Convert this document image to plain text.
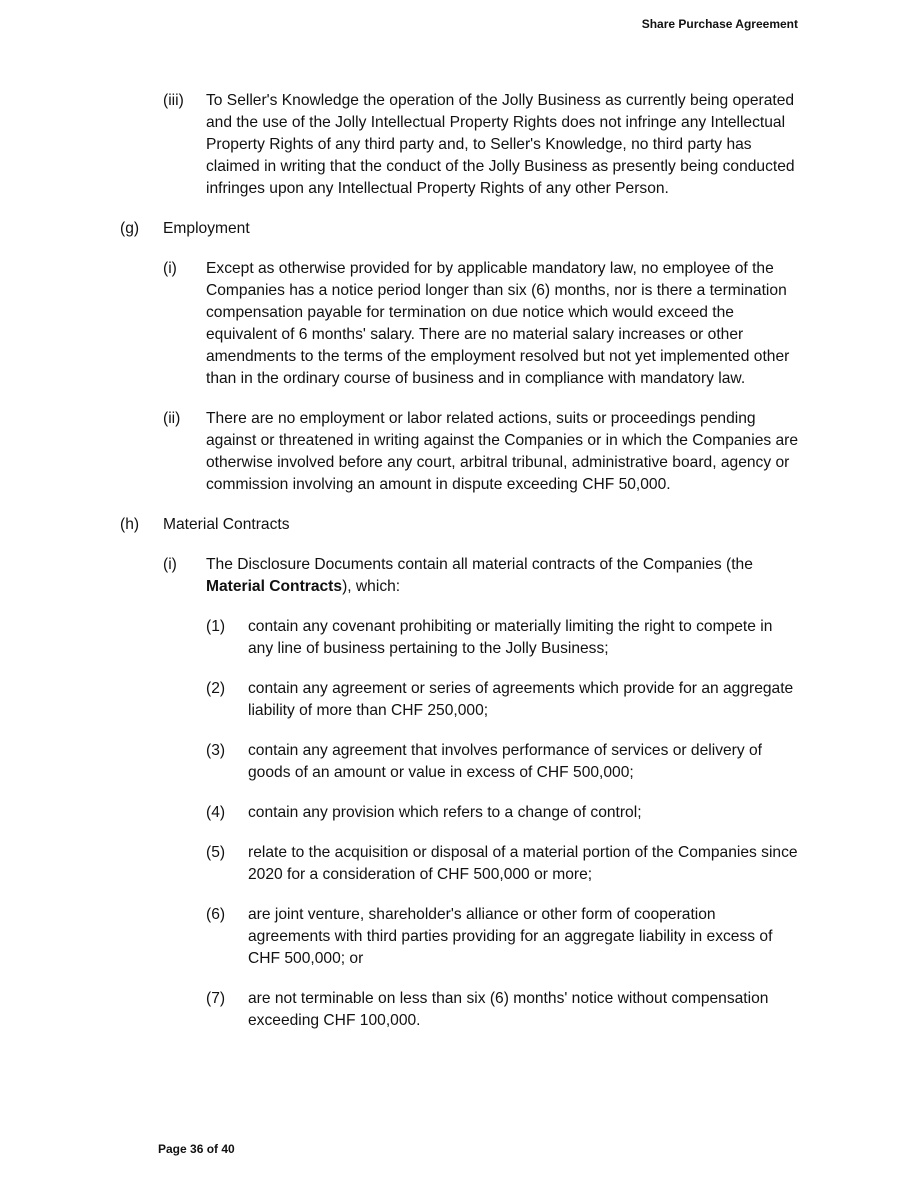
Share Purchase Agreement
(iii) To Seller's Knowledge the operation of the Jolly Business as currently being operated and the use of the Jolly Intellectual Property Rights does not infringe any Intellectual Property Rights of any third party and, to Seller's Knowledge, no third party has claimed in writing that the conduct of the Jolly Business as presently being conducted infringes upon any Intellectual Property Rights of any other Person.
(g) Employment
(i) Except as otherwise provided for by applicable mandatory law, no employee of the Companies has a notice period longer than six (6) months, nor is there a termination compensation payable for termination on due notice which would exceed the equivalent of 6 months' salary. There are no material salary increases or other amendments to the terms of the employment resolved but not yet implemented other than in the ordinary course of business and in compliance with mandatory law.
(ii) There are no employment or labor related actions, suits or proceedings pending against or threatened in writing against the Companies or in which the Companies are otherwise involved before any court, arbitral tribunal, administrative board, agency or commission involving an amount in dispute exceeding CHF 50,000.
(h) Material Contracts
(i) The Disclosure Documents contain all material contracts of the Companies (the Material Contracts), which:
(1) contain any covenant prohibiting or materially limiting the right to compete in any line of business pertaining to the Jolly Business;
(2) contain any agreement or series of agreements which provide for an aggregate liability of more than CHF 250,000;
(3) contain any agreement that involves performance of services or delivery of goods of an amount or value in excess of CHF 500,000;
(4) contain any provision which refers to a change of control;
(5) relate to the acquisition or disposal of a material portion of the Companies since 2020 for a consideration of CHF 500,000 or more;
(6) are joint venture, shareholder's alliance or other form of cooperation agreements with third parties providing for an aggregate liability in excess of CHF 500,000; or
(7) are not terminable on less than six (6) months' notice without compensation exceeding CHF 100,000.
Page 36 of 40
